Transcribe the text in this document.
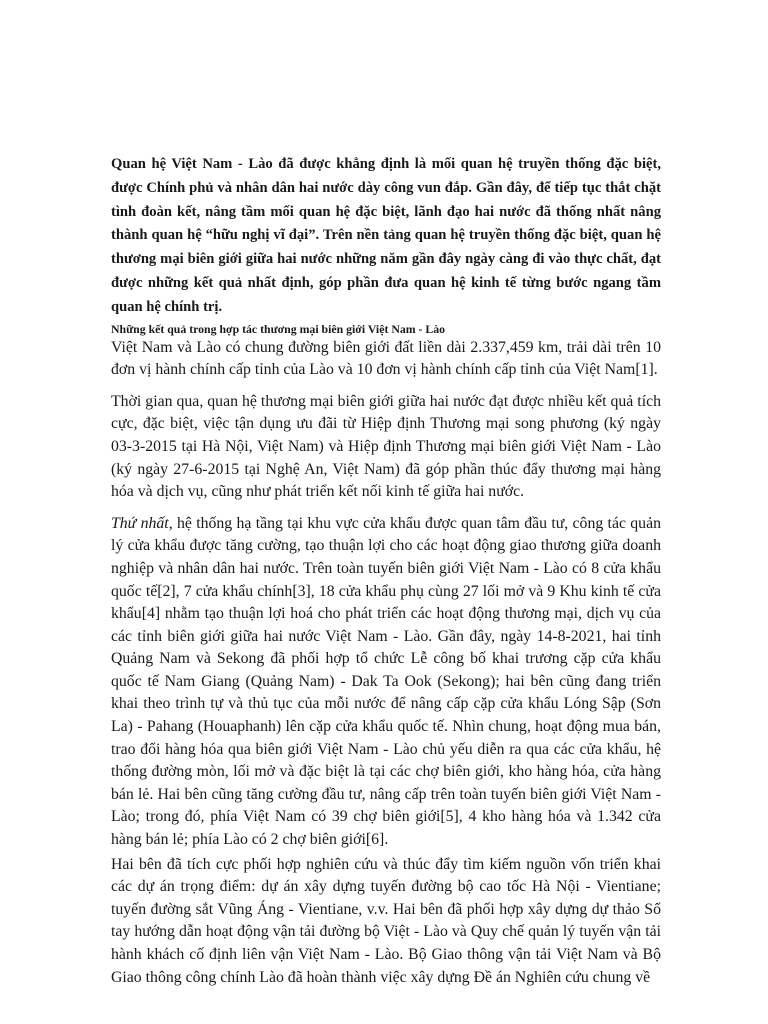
Quan hệ Việt Nam - Lào đã được khẳng định là mối quan hệ truyền thống đặc biệt, được Chính phủ và nhân dân hai nước dày công vun đắp. Gần đây, để tiếp tục thắt chặt tình đoàn kết, nâng tầm mối quan hệ đặc biệt, lãnh đạo hai nước đã thống nhất nâng thành quan hệ “hữu nghị vĩ đại”. Trên nền tảng quan hệ truyền thống đặc biệt, quan hệ thương mại biên giới giữa hai nước những năm gần đây ngày càng đi vào thực chất, đạt được những kết quả nhất định, góp phần đưa quan hệ kinh tế từng bước ngang tầm quan hệ chính trị.

Những kết quả trong hợp tác thương mại biên giới Việt Nam - Lào

Việt Nam và Lào có chung đường biên giới đất liền dài 2.337,459 km, trải dài trên 10 đơn vị hành chính cấp tỉnh của Lào và 10 đơn vị hành chính cấp tỉnh của Việt Nam[1].

Thời gian qua, quan hệ thương mại biên giới giữa hai nước đạt được nhiều kết quả tích cực, đặc biệt, việc tận dụng ưu đãi từ Hiệp định Thương mại song phương (ký ngày 03-3-2015 tại Hà Nội, Việt Nam) và Hiệp định Thương mại biên giới Việt Nam - Lào (ký ngày 27-6-2015 tại Nghệ An, Việt Nam) đã góp phần thúc đẩy thương mại hàng hóa và dịch vụ, cũng như phát triển kết nối kinh tế giữa hai nước.

Thứ nhất, hệ thống hạ tầng tại khu vực cửa khẩu được quan tâm đầu tư, công tác quản lý cửa khẩu được tăng cường, tạo thuận lợi cho các hoạt động giao thương giữa doanh nghiệp và nhân dân hai nước. Trên toàn tuyến biên giới Việt Nam - Lào có 8 cửa khẩu quốc tế[2], 7 cửa khẩu chính[3], 18 cửa khẩu phụ cùng 27 lối mở và 9 Khu kinh tế cửa khẩu[4] nhằm tạo thuận lợi hoá cho phát triển các hoạt động thương mại, dịch vụ của các tỉnh biên giới giữa hai nước Việt Nam - Lào. Gần đây, ngày 14-8-2021, hai tỉnh Quảng Nam và Sekong đã phối hợp tổ chức Lễ công bố khai trương cặp cửa khẩu quốc tế Nam Giang (Quảng Nam) - Dak Ta Ook (Sekong); hai bên cũng đang triển khai theo trình tự và thủ tục của mỗi nước để nâng cấp cặp cửa khẩu Lóng Sập (Sơn La) - Pahang (Houaphanh) lên cặp cửa khẩu quốc tế. Nhìn chung, hoạt động mua bán, trao đổi hàng hóa qua biên giới Việt Nam - Lào chủ yếu diễn ra qua các cửa khẩu, hệ thống đường mòn, lối mở và đặc biệt là tại các chợ biên giới, kho hàng hóa, cửa hàng bán lẻ. Hai bên cũng tăng cường đầu tư, nâng cấp trên toàn tuyến biên giới Việt Nam - Lào; trong đó, phía Việt Nam có 39 chợ biên giới[5], 4 kho hàng hóa và 1.342 cửa hàng bán lẻ; phía Lào có 2 chợ biên giới[6].

Hai bên đã tích cực phối hợp nghiên cứu và thúc đẩy tìm kiếm nguồn vốn triển khai các dự án trọng điểm: dự án xây dựng tuyến đường bộ cao tốc Hà Nội - Vientiane; tuyến đường sắt Vũng Áng - Vientiane, v.v. Hai bên đã phối hợp xây dựng dự thảo Sổ tay hướng dẫn hoạt động vận tải đường bộ Việt - Lào và Quy chế quản lý tuyến vận tải hành khách cố định liên vận Việt Nam - Lào. Bộ Giao thông vận tải Việt Nam và Bộ Giao thông công chính Lào đã hoàn thành việc xây dựng Đề án Nghiên cứu chung về
